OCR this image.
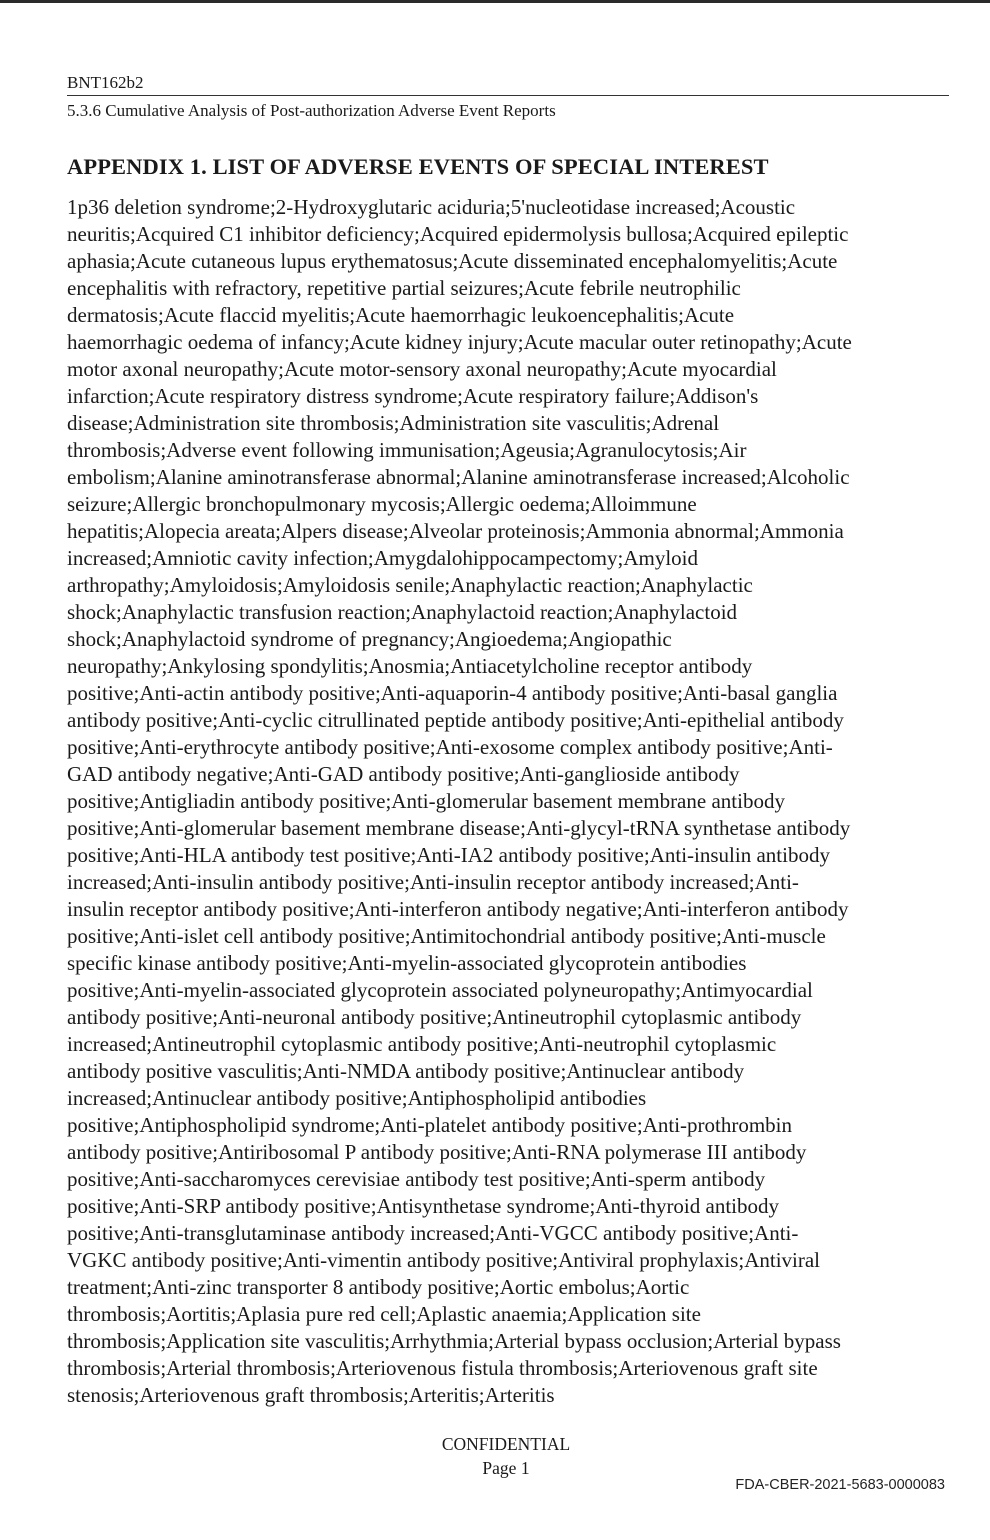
BNT162b2
5.3.6 Cumulative Analysis of Post-authorization Adverse Event Reports
APPENDIX 1. LIST OF ADVERSE EVENTS OF SPECIAL INTEREST
1p36 deletion syndrome;2-Hydroxyglutaric aciduria;5'nucleotidase increased;Acoustic
neuritis;Acquired C1 inhibitor deficiency;Acquired epidermolysis bullosa;Acquired epileptic
aphasia;Acute cutaneous lupus erythematosus;Acute disseminated encephalomyelitis;Acute
encephalitis with refractory, repetitive partial seizures;Acute febrile neutrophilic
dermatosis;Acute flaccid myelitis;Acute haemorrhagic leukoencephalitis;Acute
haemorrhagic oedema of infancy;Acute kidney injury;Acute macular outer retinopathy;Acute
motor axonal neuropathy;Acute motor-sensory axonal neuropathy;Acute myocardial
infarction;Acute respiratory distress syndrome;Acute respiratory failure;Addison's
disease;Administration site thrombosis;Administration site vasculitis;Adrenal
thrombosis;Adverse event following immunisation;Ageusia;Agranulocytosis;Air
embolism;Alanine aminotransferase abnormal;Alanine aminotransferase increased;Alcoholic
seizure;Allergic bronchopulmonary mycosis;Allergic oedema;Alloimmune
hepatitis;Alopecia areata;Alpers disease;Alveolar proteinosis;Ammonia abnormal;Ammonia
increased;Amniotic cavity infection;Amygdalohippocampectomy;Amyloid
arthropathy;Amyloidosis;Amyloidosis senile;Anaphylactic reaction;Anaphylactic
shock;Anaphylactic transfusion reaction;Anaphylactoid reaction;Anaphylactoid
shock;Anaphylactoid syndrome of pregnancy;Angioedema;Angiopathic
neuropathy;Ankylosing spondylitis;Anosmia;Antiacetylcholine receptor antibody
positive;Anti-actin antibody positive;Anti-aquaporin-4 antibody positive;Anti-basal ganglia
antibody positive;Anti-cyclic citrullinated peptide antibody positive;Anti-epithelial antibody
positive;Anti-erythrocyte antibody positive;Anti-exosome complex antibody positive;Anti-
GAD antibody negative;Anti-GAD antibody positive;Anti-ganglioside antibody
positive;Antigliadin antibody positive;Anti-glomerular basement membrane antibody
positive;Anti-glomerular basement membrane disease;Anti-glycyl-tRNA synthetase antibody
positive;Anti-HLA antibody test positive;Anti-IA2 antibody positive;Anti-insulin antibody
increased;Anti-insulin antibody positive;Anti-insulin receptor antibody increased;Anti-
insulin receptor antibody positive;Anti-interferon antibody negative;Anti-interferon antibody
positive;Anti-islet cell antibody positive;Antimitochondrial antibody positive;Anti-muscle
specific kinase antibody positive;Anti-myelin-associated glycoprotein antibodies
positive;Anti-myelin-associated glycoprotein associated polyneuropathy;Antimyocardial
antibody positive;Anti-neuronal antibody positive;Antineutrophil cytoplasmic antibody
increased;Antineutrophil cytoplasmic antibody positive;Anti-neutrophil cytoplasmic
antibody positive vasculitis;Anti-NMDA antibody positive;Antinuclear antibody
increased;Antinuclear antibody positive;Antiphospholipid antibodies
positive;Antiphospholipid syndrome;Anti-platelet antibody positive;Anti-prothrombin
antibody positive;Antiribosomal P antibody positive;Anti-RNA polymerase III antibody
positive;Anti-saccharomyces cerevisiae antibody test positive;Anti-sperm antibody
positive;Anti-SRP antibody positive;Antisynthetase syndrome;Anti-thyroid antibody
positive;Anti-transglutaminase antibody increased;Anti-VGCC antibody positive;Anti-
VGKC antibody positive;Anti-vimentin antibody positive;Antiviral prophylaxis;Antiviral
treatment;Anti-zinc transporter 8 antibody positive;Aortic embolus;Aortic
thrombosis;Aortitis;Aplasia pure red cell;Aplastic anaemia;Application site
thrombosis;Application site vasculitis;Arrhythmia;Arterial bypass occlusion;Arterial bypass
thrombosis;Arterial thrombosis;Arteriovenous fistula thrombosis;Arteriovenous graft site
stenosis;Arteriovenous graft thrombosis;Arteritis;Arteritis
CONFIDENTIAL
Page 1
FDA-CBER-2021-5683-0000083
